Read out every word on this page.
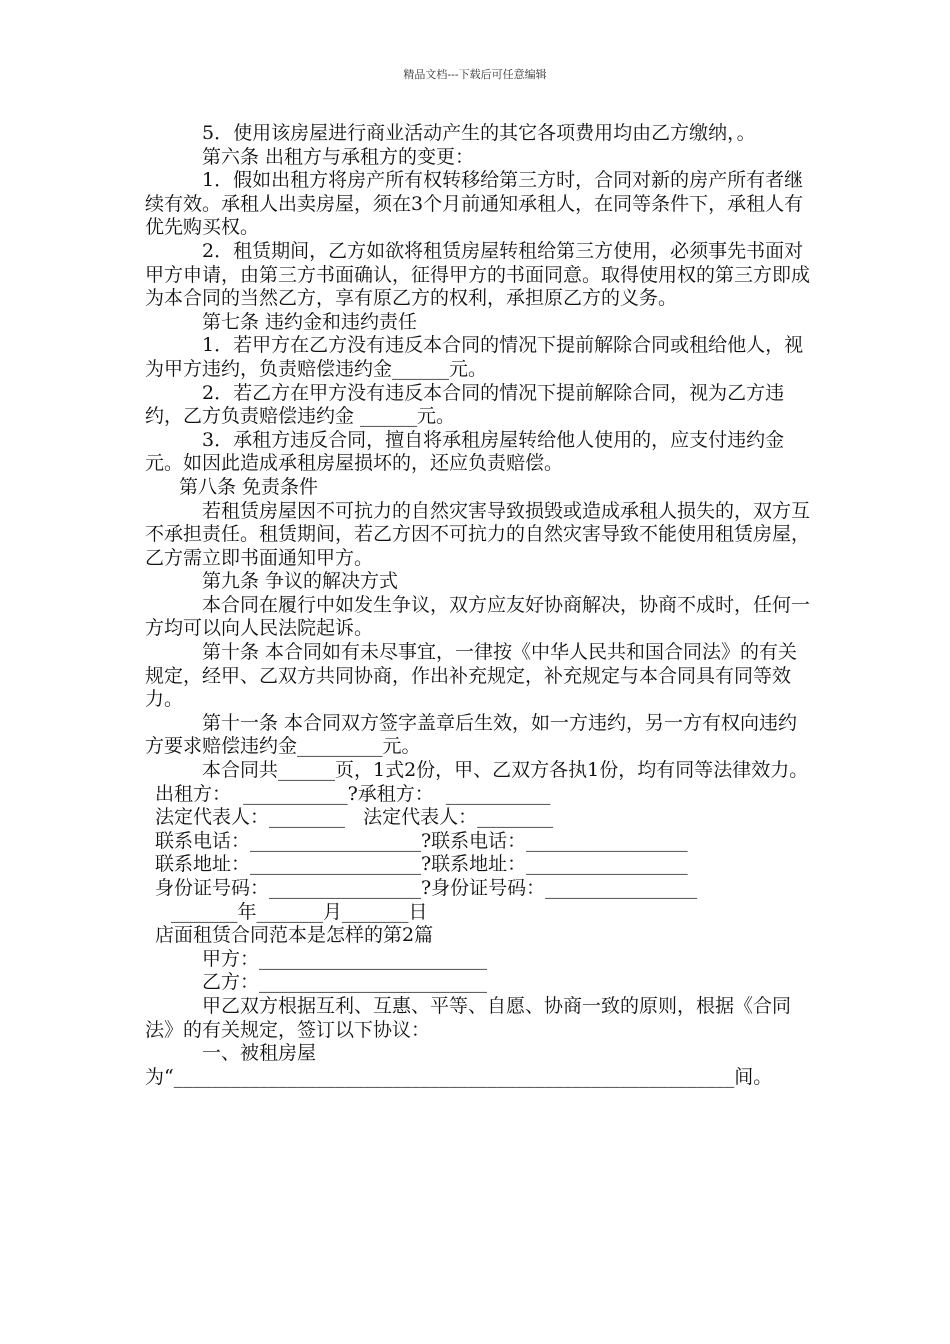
精品文档---下载后可任意编辑

5．使用该房屋进行商业活动产生的其它各项费用均由乙方缴纳，。

第六条 出租方与承租方的变更：

1．假如出租方将房产所有权转移给第三方时，合同对新的房产所有者继续有效。承租人出卖房屋，须在3个月前通知承租人，在同等条件下，承租人有优先购买权。

2．租赁期间，乙方如欲将租赁房屋转租给第三方使用，必须事先书面对甲方申请，由第三方书面确认，征得甲方的书面同意。取得使用权的第三方即成为本合同的当然乙方，享有原乙方的权利，承担原乙方的义务。

第七条 违约金和违约责任

1．若甲方在乙方没有违反本合同的情况下提前解除合同或租给他人，视为甲方违约，负责赔偿违约金______元。

2．若乙方在甲方没有违反本合同的情况下提前解除合同，视为乙方违约，乙方负责赔偿违约金 ______元。

3．承租方违反合同，擅自将承租房屋转给他人使用的，应支付违约金 元。如因此造成承租房屋损坏的，还应负责赔偿。

第八条 免责条件

若租赁房屋因不可抗力的自然灾害导致损毁或造成承租人损失的，双方互不承担责任。租赁期间，若乙方因不可抗力的自然灾害导致不能使用租赁房屋，乙方需立即书面通知甲方。

第九条 争议的解决方式

本合同在履行中如发生争议，双方应友好协商解决，协商不成时，任何一方均可以向人民法院起诉。

第十条 本合同如有未尽事宜，一律按《中华人民共和国合同法》的有关规定，经甲、乙双方共同协商，作出补充规定，补充规定与本合同具有同等效力。

第十一条 本合同双方签字盖章后生效，如一方违约，另一方有权向违约方要求赔偿违约金_________元。

本合同共______页，1式2份，甲、乙双方各执1份，均有同等法律效力。

出租方：  ___________?承租方：  ___________

法定代表人：________   法定代表人：________

联系电话：__________________?联系电话：_________________

联系地址：__________________?联系地址：_________________

身份证号码：________________?身份证号码：________________

_______年_______月_______日

店面租赁合同范本是怎样的第2篇

甲方：________________________

乙方：________________________

甲乙双方根据互利、互惠、平等、自愿、协商一致的原则，根据《合同法》的有关规定，签订以下协议：

一、被租房屋为“___________________________________________________________间。
